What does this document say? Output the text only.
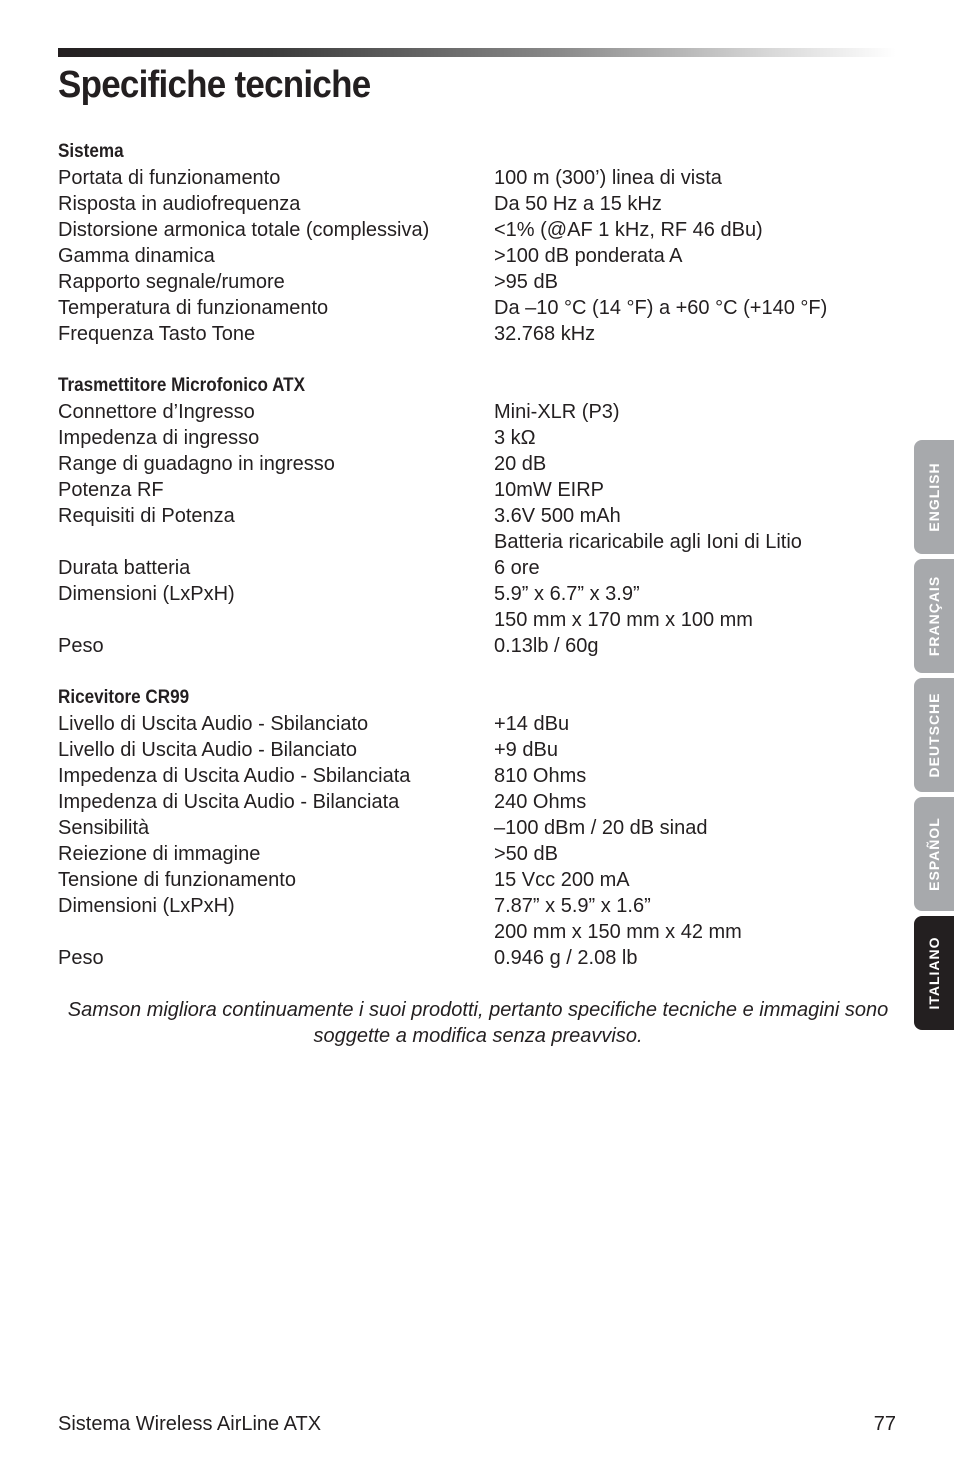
Specifiche tecniche
Sistema
Portata di funzionamento	100 m (300’) linea di vista
Risposta in audiofrequenza	Da 50 Hz a 15 kHz
Distorsione armonica totale (complessiva)	<1% (@AF 1 kHz, RF 46 dBu)
Gamma dinamica	>100 dB ponderata A
Rapporto segnale/rumore	>95 dB
Temperatura di funzionamento	Da –10 °C (14 °F) a +60 °C (+140 °F)
Frequenza Tasto Tone	32.768 kHz
Trasmettitore Microfonico ATX
Connettore d’Ingresso	Mini-XLR (P3)
Impedenza di ingresso	3 kΩ
Range di guadagno in ingresso	20 dB
Potenza RF	10mW EIRP
Requisiti di Potenza	3.6V 500 mAh
Batteria ricaricabile agli Ioni di Litio
Durata batteria	6 ore
Dimensioni (LxPxH)	5.9” x 6.7” x 3.9”
150 mm x 170 mm x 100 mm
Peso	0.13lb / 60g
Ricevitore CR99
Livello di Uscita Audio - Sbilanciato	+14 dBu
Livello di Uscita Audio - Bilanciato	+9 dBu
Impedenza di Uscita Audio - Sbilanciata	810 Ohms
Impedenza di Uscita Audio - Bilanciata	240 Ohms
Sensibilità	–100 dBm / 20 dB sinad
Reiezione di immagine	>50 dB
Tensione di funzionamento	15 Vcc 200 mA
Dimensioni (LxPxH)	7.87” x 5.9” x 1.6”
200 mm x 150 mm x 42 mm
Peso	0.946 g / 2.08 lb
Samson migliora continuamente i suoi prodotti, pertanto specifiche tecniche e immagini sono soggette a modifica senza preavviso.
Sistema Wireless AirLine ATX	77
ENGLISH
FRANÇAIS
DEUTSCHE
ESPAÑOL
ITALIANO
